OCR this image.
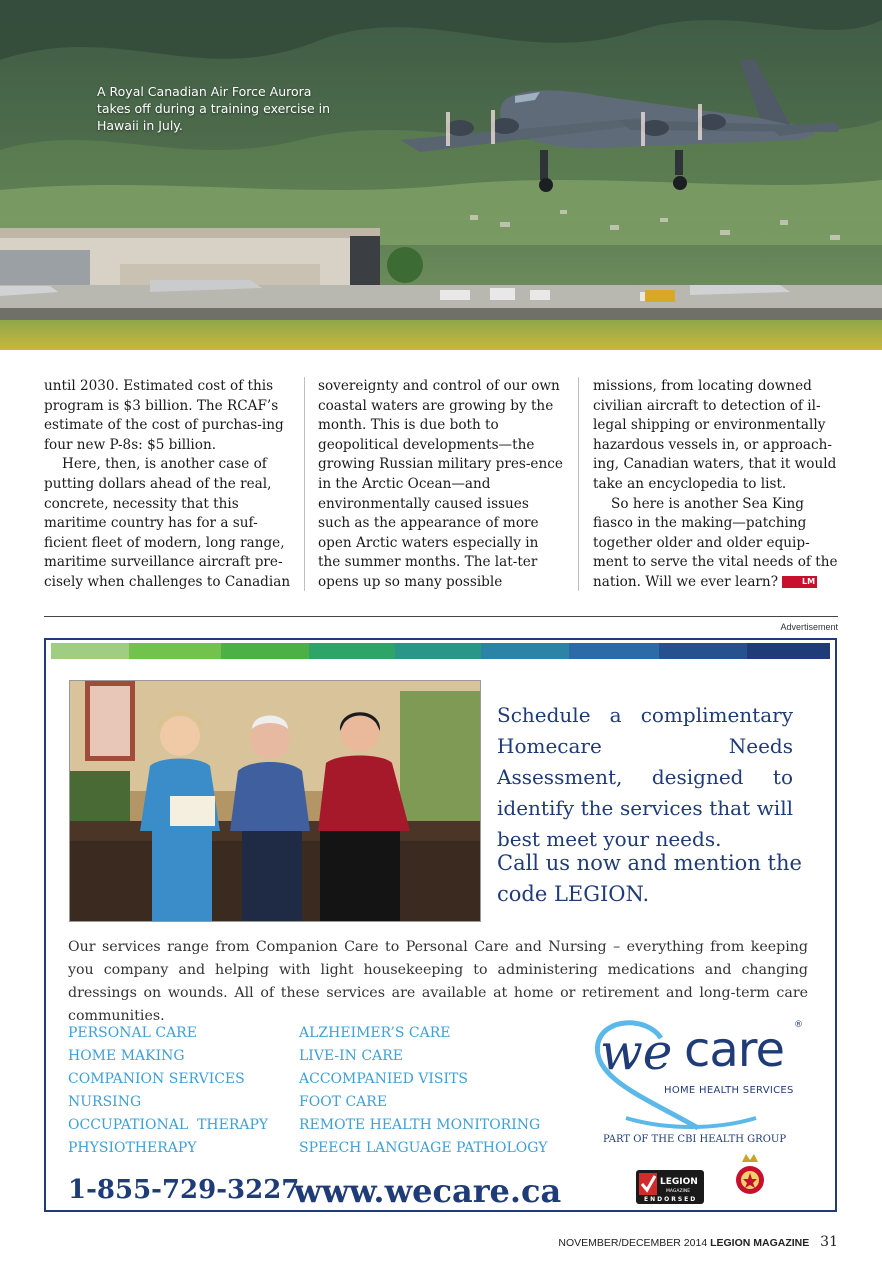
A Royal Canadian Air Force Aurora takes off during a training exercise in Hawaii in July.

until 2030. Estimated cost of this program is $3 billion. The RCAF’s estimate of the cost of purchas-ing four new P-8s: $5 billion.

Here, then, is another case of putting dollars ahead of the real, concrete, necessity that this maritime country has for a suf-ficient fleet of modern, long range, maritime surveillance aircraft pre-cisely when challenges to Canadian

sovereignty and control of our own coastal waters are growing by the month. This is due both to geopolitical developments—the growing Russian military pres-ence in the Arctic Ocean—and environmentally caused issues such as the appearance of more open Arctic waters especially in the summer months. The lat-ter opens up so many possible

missions, from locating downed civilian aircraft to detection of il-legal shipping or environmentally hazardous vessels in, or approach-ing, Canadian waters, that it would take an encyclopedia to list.

So here is another Sea King fiasco in the making—patching together older and older equip-ment to serve the vital needs of the nation. Will we ever learn?	LM

Advertisement
Schedule a complimentary Homecare Needs Assessment, designed to identify the services that will best meet your needs.
Call us now and mention the code LEGION.
Our services range from Companion Care to Personal Care and Nursing – everything from keeping you company and helping with light housekeeping to administering medications and changing dressings on wounds. All of these services are available at home or retirement and long-term care communities.
PERSONAL CARE
HOME MAKING
COMPANION SERVICES
NURSING
OCCUPATIONAL  THERAPY
PHYSIOTHERAPY
ALZHEIMER’S CARE
LIVE-IN CARE
ACCOMPANIED VISITS
FOOT CARE
REMOTE HEALTH MONITORING
SPEECH LANGUAGE PATHOLOGY
we care ®
HOME HEALTH SERVICES
PART OF THE CBI HEALTH GROUP
LEGION
MAGAZINE
ENDORSED
1-855-729-3227
www.wecare.ca
NOVEMBER/DECEMBER 2014 LEGION MAGAZINE 31
